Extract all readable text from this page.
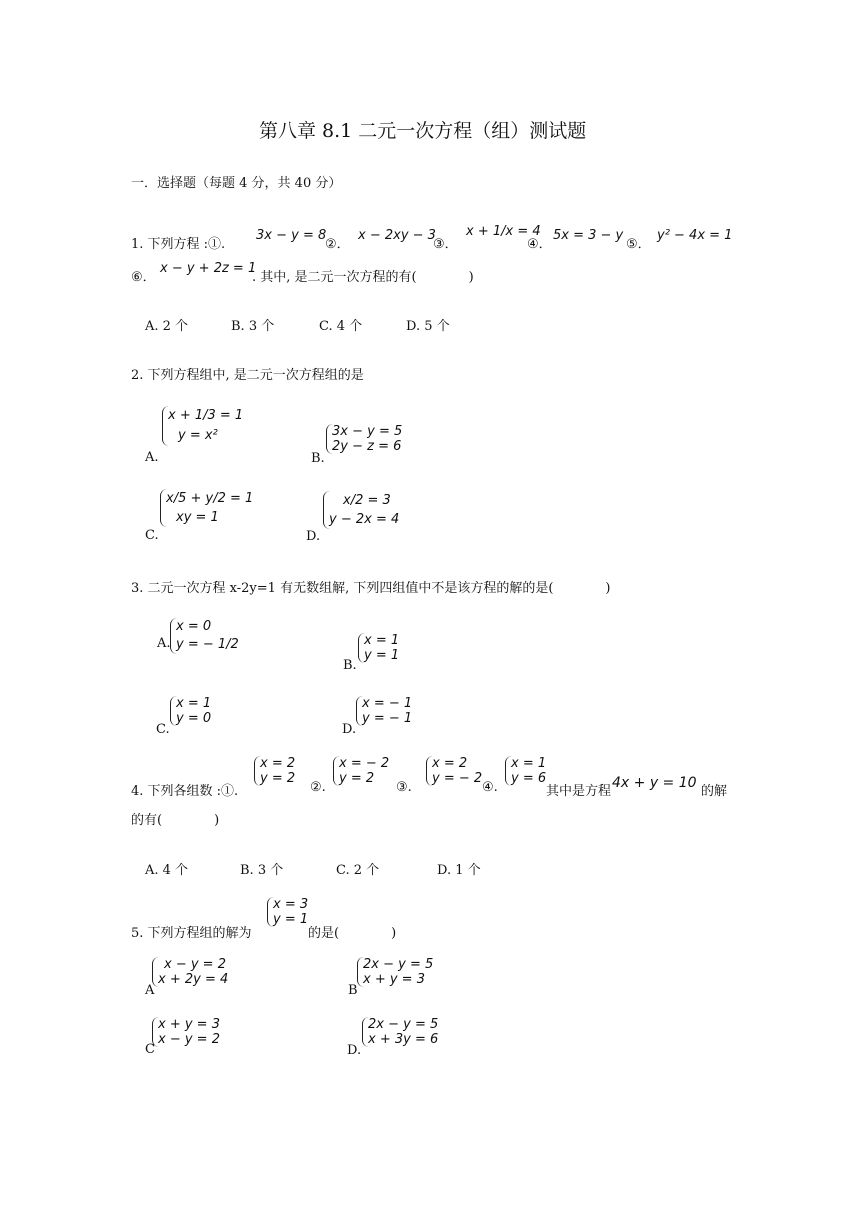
第八章 8.1 二元一次方程（组）测试题
一．选择题（每题 4 分，共 40 分）
1. 下列方程 :①.
3x − y = 8
②．
x − 2xy − 3
③．
x + 1/x = 4
④．
5x = 3 − y
⑤．
y² − 4x = 1
⑥．
x − y + 2z = 1
. 其中, 是二元一次方程的有(　　　　)
A. 2 个	B. 3 个	C. 4 个	D. 5 个
2. 下列方程组中, 是二元一次方程组的是
A.
x + 1/3 = 1
y = x²
B.
3x − y = 5
2y − z = 6
C.
x/5 + y/2 = 1
xy = 1
D.
x/2 = 3
y − 2x = 4
3. 二元一次方程 x-2y=1 有无数组解, 下列四组值中不是该方程的解的是(　　　　)
A.
x = 0
y = − 1/2
B.
x = 1
y = 1
C.
x = 1
y = 0
D.
x = − 1
y = − 1
4. 下列各组数 :①.
x = 2
y = 2
②.
x = − 2
y = 2
③.
x = 2
y = − 2
④.
x = 1
y = 6
其中是方程
4x + y = 10
的解
的有(　　　　)
A. 4 个	B. 3 个	C. 2 个	D. 1 个
5. 下列方程组的解为
x = 3
y = 1
的是(　　　　)
A
x − y = 2
x + 2y = 4
B
2x − y = 5
x + y = 3
C
x + y = 3
x − y = 2
D.
2x − y = 5
x + 3y = 6
